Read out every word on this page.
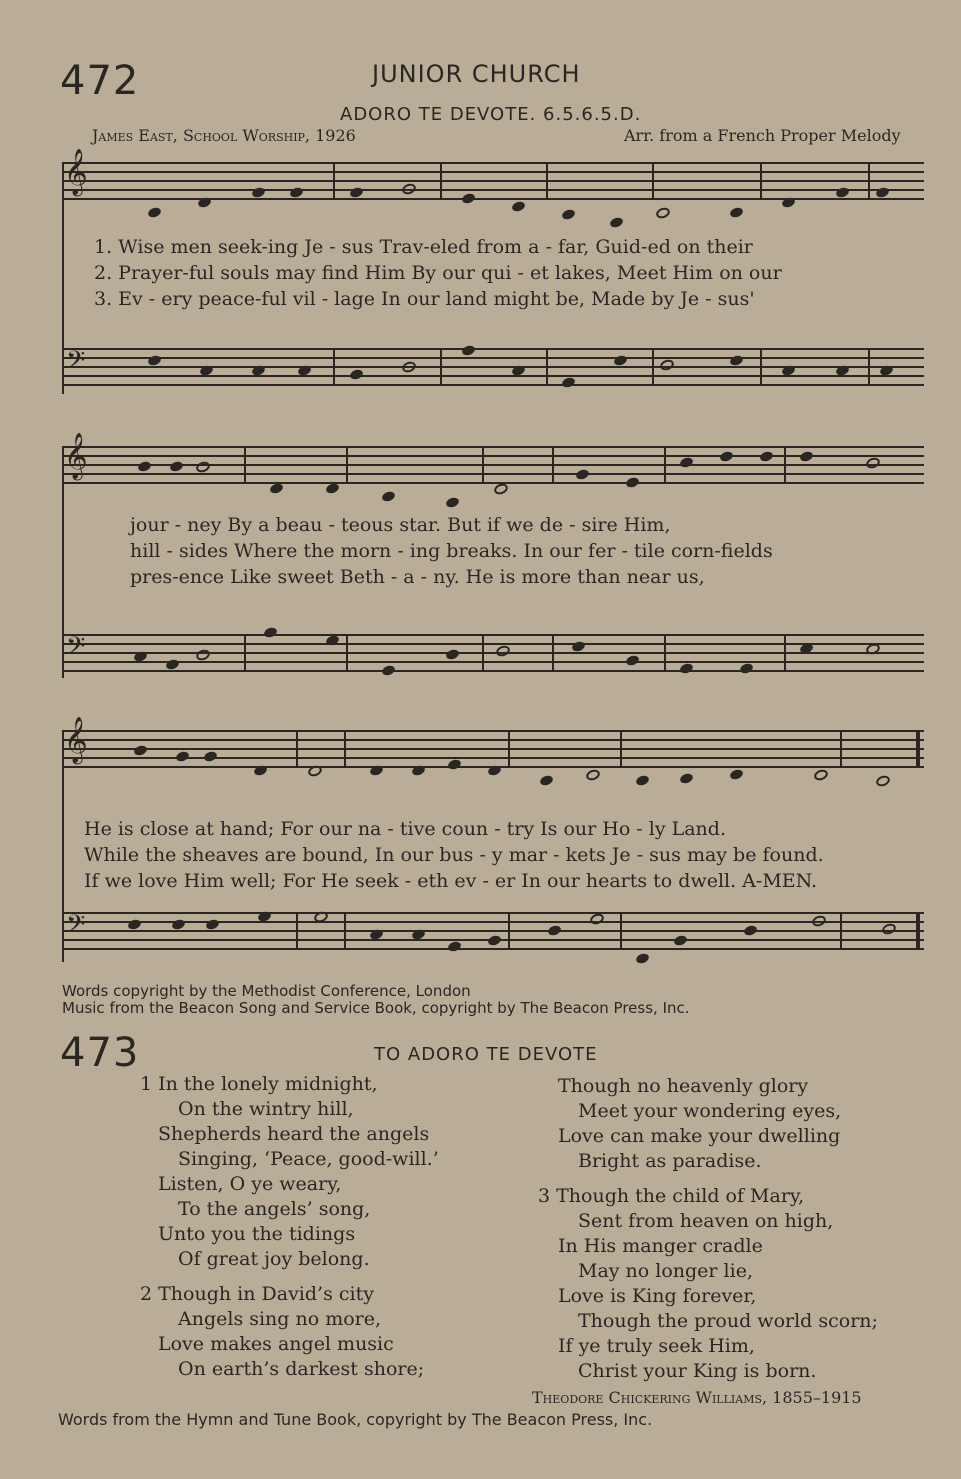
472	JUNIOR CHURCH
ADORO TE DEVOTE. 6.5.6.5.D.
James East, School Worship, 1926	Arr. from a French Proper Melody
𝄞
1. Wise men seek-ing Je - sus Trav-eled from a - far, Guid-ed on their
2. Prayer-ful souls may find Him By our qui - et lakes, Meet Him on our
3. Ev - ery peace-ful vil - lage In our land might be, Made by Je - sus'
𝄢
𝄞
jour - ney By a beau - teous star. But if we de - sire Him,
hill - sides Where the morn - ing breaks. In our fer - tile corn-fields
pres-ence Like sweet Beth - a - ny. He is more than near us,
𝄢
𝄞
He is close at hand; For our na - tive coun - try Is our Ho - ly Land.
While the sheaves are bound, In our bus - y mar - kets Je - sus may be found.
If we love Him well; For He seek - eth ev - er In our hearts to dwell. A-MEN.
𝄢
Words copyright by the Methodist Conference, London
Music from the Beacon Song and Service Book, copyright by The Beacon Press, Inc.
473	TO ADORO TE DEVOTE
1 In the lonely midnight,
On the wintry hill,
Shepherds heard the angels
Singing, ‘Peace, good-will.’
Listen, O ye weary,
To the angels’ song,
Unto you the tidings
Of great joy belong.
2 Though in David’s city
Angels sing no more,
Love makes angel music
On earth’s darkest shore;
Though no heavenly glory
Meet your wondering eyes,
Love can make your dwelling
Bright as paradise.
3 Though the child of Mary,
Sent from heaven on high,
In His manger cradle
May no longer lie,
Love is King forever,
Though the proud world scorn;
If ye truly seek Him,
Christ your King is born.
Theodore Chickering Williams, 1855–1915
Words from the Hymn and Tune Book, copyright by The Beacon Press, Inc.
